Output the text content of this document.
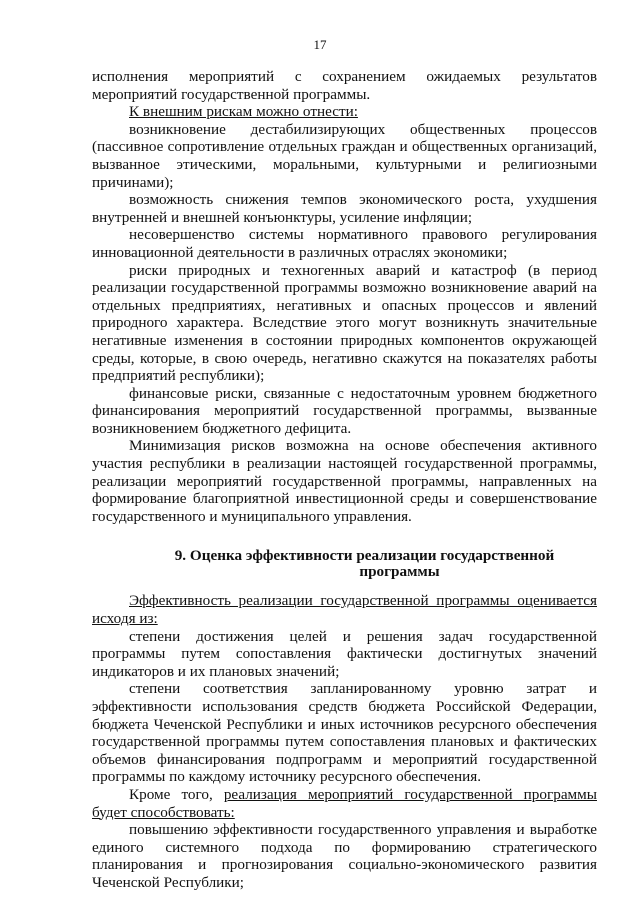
17

исполнения мероприятий с сохранением ожидаемых результатов мероприятий государственной программы.

К внешним рискам можно отнести:

возникновение дестабилизирующих общественных процессов (пассивное сопротивление отдельных граждан и общественных организаций, вызванное этическими, моральными, культурными и религиозными причинами);

возможность снижения темпов экономического роста, ухудшения внутренней и внешней конъюнктуры, усиление инфляции;

несовершенство системы нормативного правового регулирования инновационной деятельности в различных отраслях экономики;

риски природных и техногенных аварий и катастроф (в период реализации государственной программы возможно возникновение аварий на отдельных предприятиях, негативных и опасных процессов и явлений природного характера. Вследствие этого могут возникнуть значительные негативные изменения в состоянии природных компонентов окружающей среды, которые, в свою очередь, негативно скажутся на показателях работы предприятий республики);

финансовые риски, связанные с недостаточным уровнем бюджетного финансирования мероприятий государственной программы, вызванные возникновением бюджетного дефицита.

Минимизация рисков возможна на основе обеспечения активного участия республики в реализации настоящей государственной программы, реализации мероприятий государственной программы, направленных на формирование благоприятной инвестиционной среды и совершенствование государственного и муниципального управления.

9. Оценка эффективности реализации государственной
программы

Эффективность реализации государственной программы оценивается исходя из:

степени достижения целей и решения задач государственной программы путем сопоставления фактически достигнутых значений индикаторов и их плановых значений;

степени соответствия запланированному уровню затрат и эффективности использования средств бюджета Российской Федерации, бюджета Чеченской Республики и иных источников ресурсного обеспечения государственной программы путем сопоставления плановых и фактических объемов финансирования подпрограмм и мероприятий государственной программы по каждому источнику ресурсного обеспечения.

Кроме того, реализация мероприятий государственной программы будет способствовать:

повышению эффективности государственного управления и выработке единого системного подхода по формированию стратегического планирования и прогнозирования социально-экономического развития Чеченской Республики;
